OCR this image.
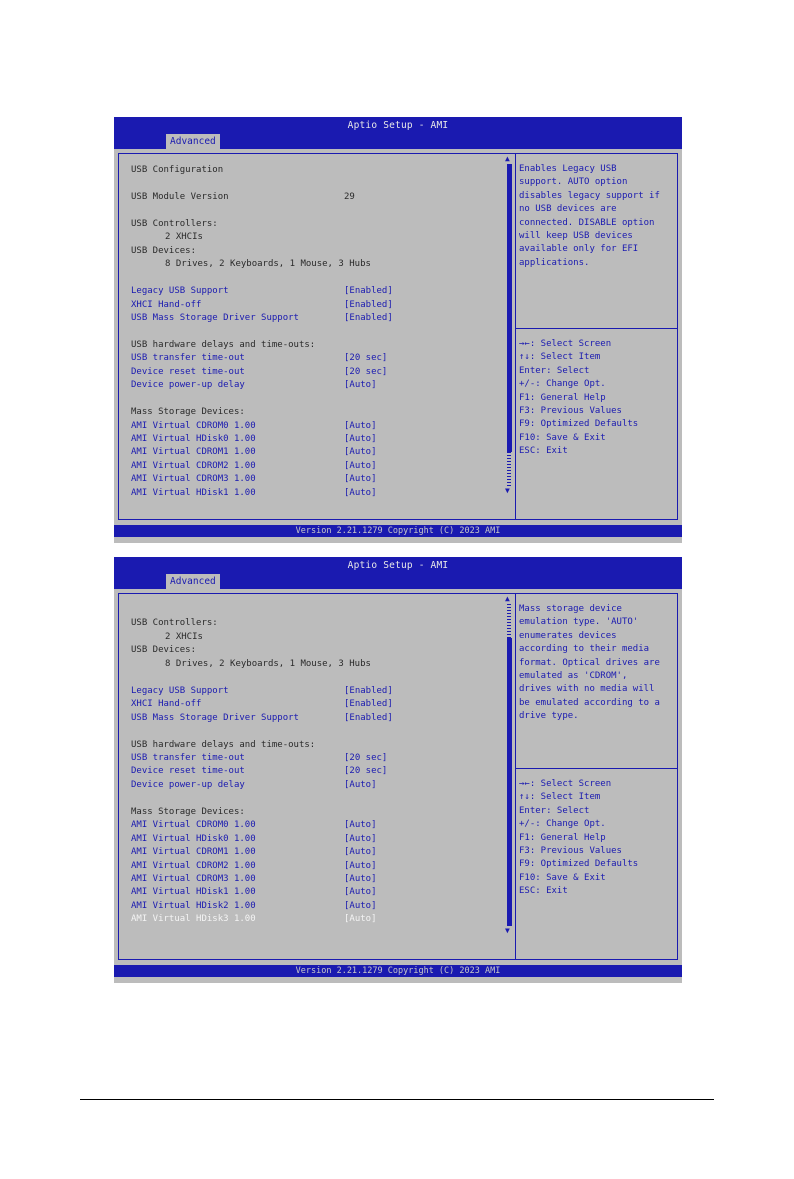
Aptio Setup - AMI
Advanced
USB Configuration
USB Module Version	29
USB Controllers:
2 XHCIs
USB Devices:
8 Drives, 2 Keyboards, 1 Mouse, 3 Hubs
Legacy USB Support	[Enabled]
XHCI Hand-off	[Enabled]
USB Mass Storage Driver Support	[Enabled]
USB hardware delays and time-outs:
USB transfer time-out	[20 sec]
Device reset time-out	[20 sec]
Device power-up delay	[Auto]
Mass Storage Devices:
AMI Virtual CDROM0 1.00	[Auto]
AMI Virtual HDisk0 1.00	[Auto]
AMI Virtual CDROM1 1.00	[Auto]
AMI Virtual CDROM2 1.00	[Auto]
AMI Virtual CDROM3 1.00	[Auto]
AMI Virtual HDisk1 1.00	[Auto]
▲
▼
Enables Legacy USB
support. AUTO option
disables legacy support if
no USB devices are
connected. DISABLE option
will keep USB devices
available only for EFI
applications.
→←: Select Screen
↑↓: Select Item
Enter: Select
+/-: Change Opt.
F1: General Help
F3: Previous Values
F9: Optimized Defaults
F10: Save & Exit
ESC: Exit
Version 2.21.1279 Copyright (C) 2023 AMI
Aptio Setup - AMI
Advanced
USB Controllers:
2 XHCIs
USB Devices:
8 Drives, 2 Keyboards, 1 Mouse, 3 Hubs
Legacy USB Support	[Enabled]
XHCI Hand-off	[Enabled]
USB Mass Storage Driver Support	[Enabled]
USB hardware delays and time-outs:
USB transfer time-out	[20 sec]
Device reset time-out	[20 sec]
Device power-up delay	[Auto]
Mass Storage Devices:
AMI Virtual CDROM0 1.00	[Auto]
AMI Virtual HDisk0 1.00	[Auto]
AMI Virtual CDROM1 1.00	[Auto]
AMI Virtual CDROM2 1.00	[Auto]
AMI Virtual CDROM3 1.00	[Auto]
AMI Virtual HDisk1 1.00	[Auto]
AMI Virtual HDisk2 1.00	[Auto]
AMI Virtual HDisk3 1.00	[Auto]
▲
▼
Mass storage device
emulation type. 'AUTO'
enumerates devices
according to their media
format. Optical drives are
emulated as 'CDROM',
drives with no media will
be emulated according to a
drive type.
→←: Select Screen
↑↓: Select Item
Enter: Select
+/-: Change Opt.
F1: General Help
F3: Previous Values
F9: Optimized Defaults
F10: Save & Exit
ESC: Exit
Version 2.21.1279 Copyright (C) 2023 AMI
